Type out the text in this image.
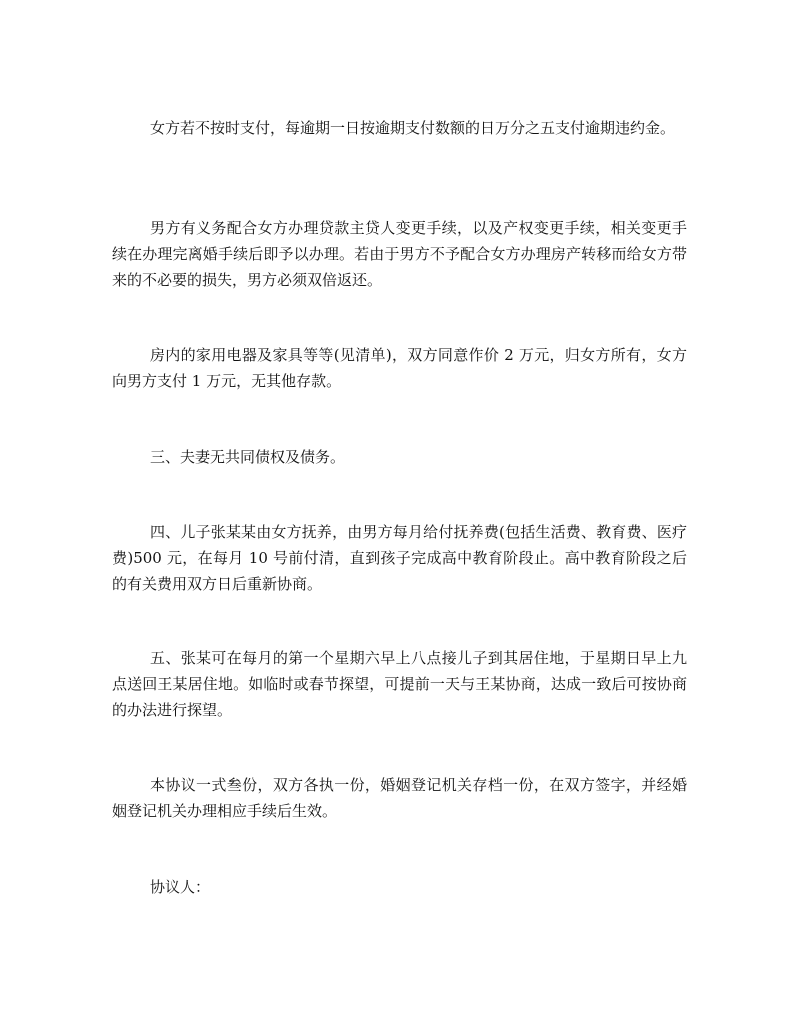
女方若不按时支付，每逾期一日按逾期支付数额的日万分之五支付逾期违约金。

男方有义务配合女方办理贷款主贷人变更手续，以及产权变更手续，相关变更手续在办理完离婚手续后即予以办理。若由于男方不予配合女方办理房产转移而给女方带来的不必要的损失，男方必须双倍返还。

房内的家用电器及家具等等(见清单)，双方同意作价 2 万元，归女方所有，女方向男方支付 1 万元，无其他存款。

三、夫妻无共同债权及债务。

四、儿子张某某由女方抚养，由男方每月给付抚养费(包括生活费、教育费、医疗费)500 元，在每月 10 号前付清，直到孩子完成高中教育阶段止。高中教育阶段之后的有关费用双方日后重新协商。

五、张某可在每月的第一个星期六早上八点接儿子到其居住地，于星期日早上九点送回王某居住地。如临时或春节探望，可提前一天与王某协商，达成一致后可按协商的办法进行探望。

本协议一式叁份，双方各执一份，婚姻登记机关存档一份，在双方签字，并经婚姻登记机关办理相应手续后生效。

协议人：
